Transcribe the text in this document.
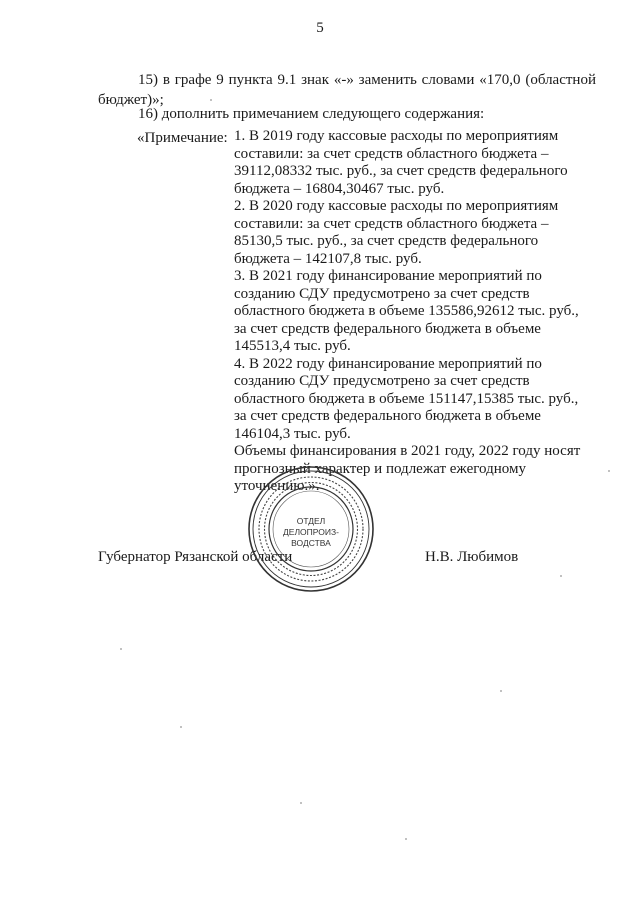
5
15) в графе 9 пункта 9.1 знак «-» заменить словами «170,0 (областной
бюджет)»;
16) дополнить примечанием следующего содержания:
«Примечание: 1. В 2019 году кассовые расходы по мероприятиям
составили: за счет средств областного бюджета –
39112,08332 тыс. руб., за счет средств федерального
бюджета – 16804,30467 тыс. руб.
2. В 2020 году кассовые расходы по мероприятиям
составили: за счет средств областного бюджета –
85130,5 тыс. руб., за счет средств федерального
бюджета – 142107,8 тыс. руб.
3. В 2021 году финансирование мероприятий по
созданию СДУ предусмотрено за счет средств
областного бюджета в объеме 135586,92612 тыс. руб.,
за счет средств федерального бюджета в объеме
145513,4 тыс. руб.
4. В 2022 году финансирование мероприятий по
созданию СДУ предусмотрено за счет средств
областного бюджета в объеме 151147,15385 тыс. руб.,
за счет средств федерального бюджета в объеме
146104,3 тыс. руб.
Объемы финансирования в 2021 году, 2022 году носят
прогнозный характер и подлежат ежегодному
уточнению.».
Губернатор Рязанской области	Н.В. Любимов
ОТДЕЛ
ДЕЛОПРОИЗ-
ВОДСТВА
